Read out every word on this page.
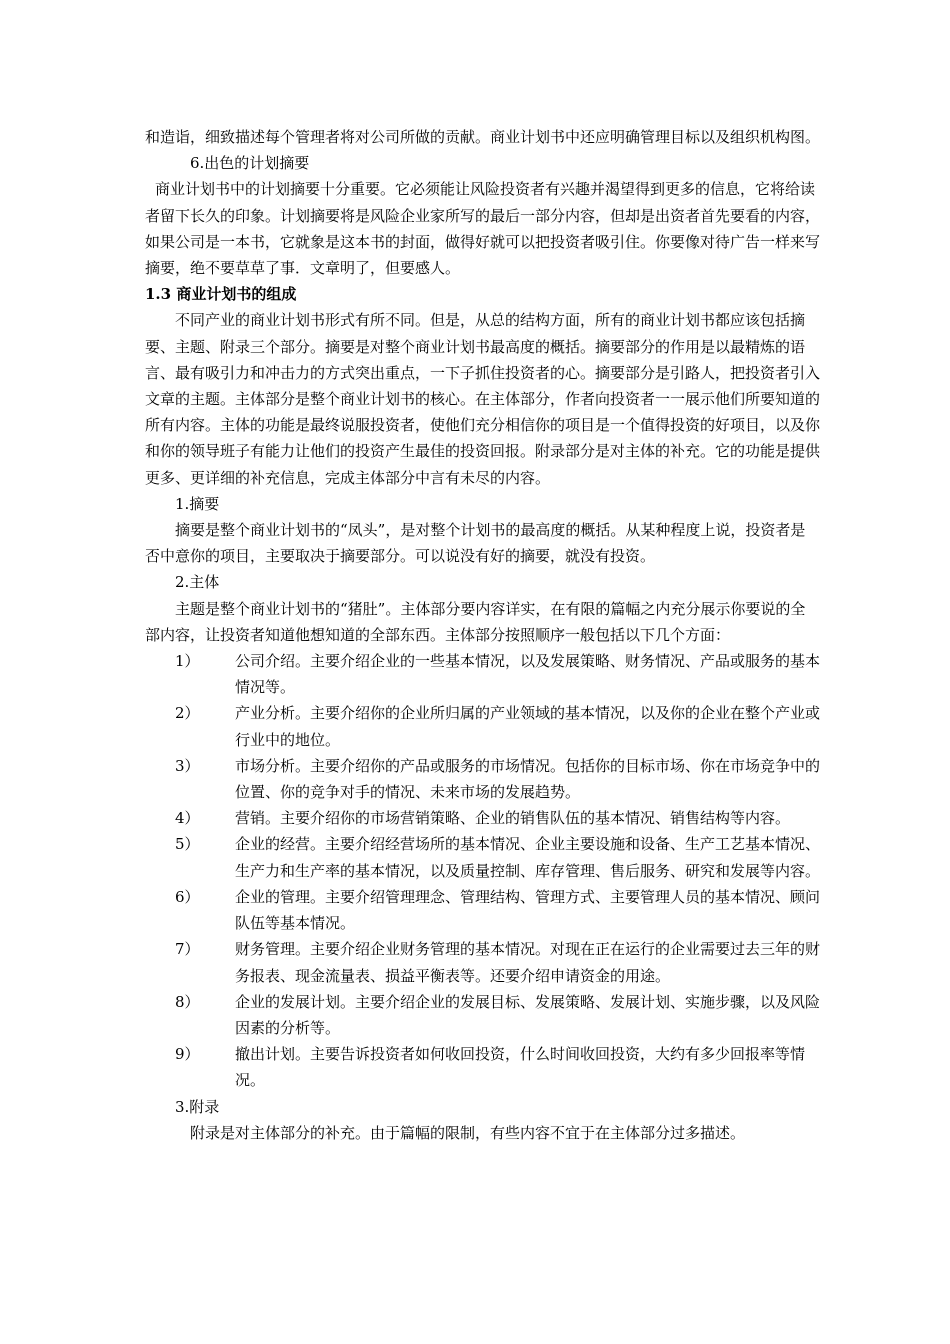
和造诣，细致描述每个管理者将对公司所做的贡献。商业计划书中还应明确管理目标以及组织机构图。

6.出色的计划摘要

商业计划书中的计划摘要十分重要。它必须能让风险投资者有兴趣并渴望得到更多的信息，它将给读者留下长久的印象。计划摘要将是风险企业家所写的最后一部分内容，但却是出资者首先要看的内容，如果公司是一本书，它就象是这本书的封面，做得好就可以把投资者吸引住。你要像对待广告一样来写摘要，绝不要草草了事．文章明了，但要感人。

1.3 商业计划书的组成

不同产业的商业计划书形式有所不同。但是，从总的结构方面，所有的商业计划书都应该包括摘要、主题、附录三个部分。摘要是对整个商业计划书最高度的概括。摘要部分的作用是以最精炼的语言、最有吸引力和冲击力的方式突出重点，一下子抓住投资者的心。摘要部分是引路人，把投资者引入文章的主题。主体部分是整个商业计划书的核心。在主体部分，作者向投资者一一展示他们所要知道的所有内容。主体的功能是最终说服投资者，使他们充分相信你的项目是一个值得投资的好项目，以及你和你的领导班子有能力让他们的投资产生最佳的投资回报。附录部分是对主体的补充。它的功能是提供更多、更详细的补充信息，完成主体部分中言有未尽的内容。

1.摘要

摘要是整个商业计划书的“凤头”，是对整个计划书的最高度的概括。从某种程度上说，投资者是否中意你的项目，主要取决于摘要部分。可以说没有好的摘要，就没有投资。

2.主体

主题是整个商业计划书的“猪肚”。主体部分要内容详实，在有限的篇幅之内充分展示你要说的全部内容，让投资者知道他想知道的全部东西。主体部分按照顺序一般包括以下几个方面：

1）	公司介绍。主要介绍企业的一些基本情况，以及发展策略、财务情况、产品或服务的基本情况等。
2）	产业分析。主要介绍你的企业所归属的产业领域的基本情况，以及你的企业在整个产业或行业中的地位。
3）	市场分析。主要介绍你的产品或服务的市场情况。包括你的目标市场、你在市场竞争中的位置、你的竞争对手的情况、未来市场的发展趋势。
4）	营销。主要介绍你的市场营销策略、企业的销售队伍的基本情况、销售结构等内容。
5）	企业的经营。主要介绍经营场所的基本情况、企业主要设施和设备、生产工艺基本情况、生产力和生产率的基本情况，以及质量控制、库存管理、售后服务、研究和发展等内容。
6）	企业的管理。主要介绍管理理念、管理结构、管理方式、主要管理人员的基本情况、顾问队伍等基本情况。
7）	财务管理。主要介绍企业财务管理的基本情况。对现在正在运行的企业需要过去三年的财务报表、现金流量表、损益平衡表等。还要介绍申请资金的用途。
8）	企业的发展计划。主要介绍企业的发展目标、发展策略、发展计划、实施步骤，以及风险因素的分析等。
9）	撤出计划。主要告诉投资者如何收回投资，什么时间收回投资，大约有多少回报率等情况。

3.附录

附录是对主体部分的补充。由于篇幅的限制，有些内容不宜于在主体部分过多描述。
